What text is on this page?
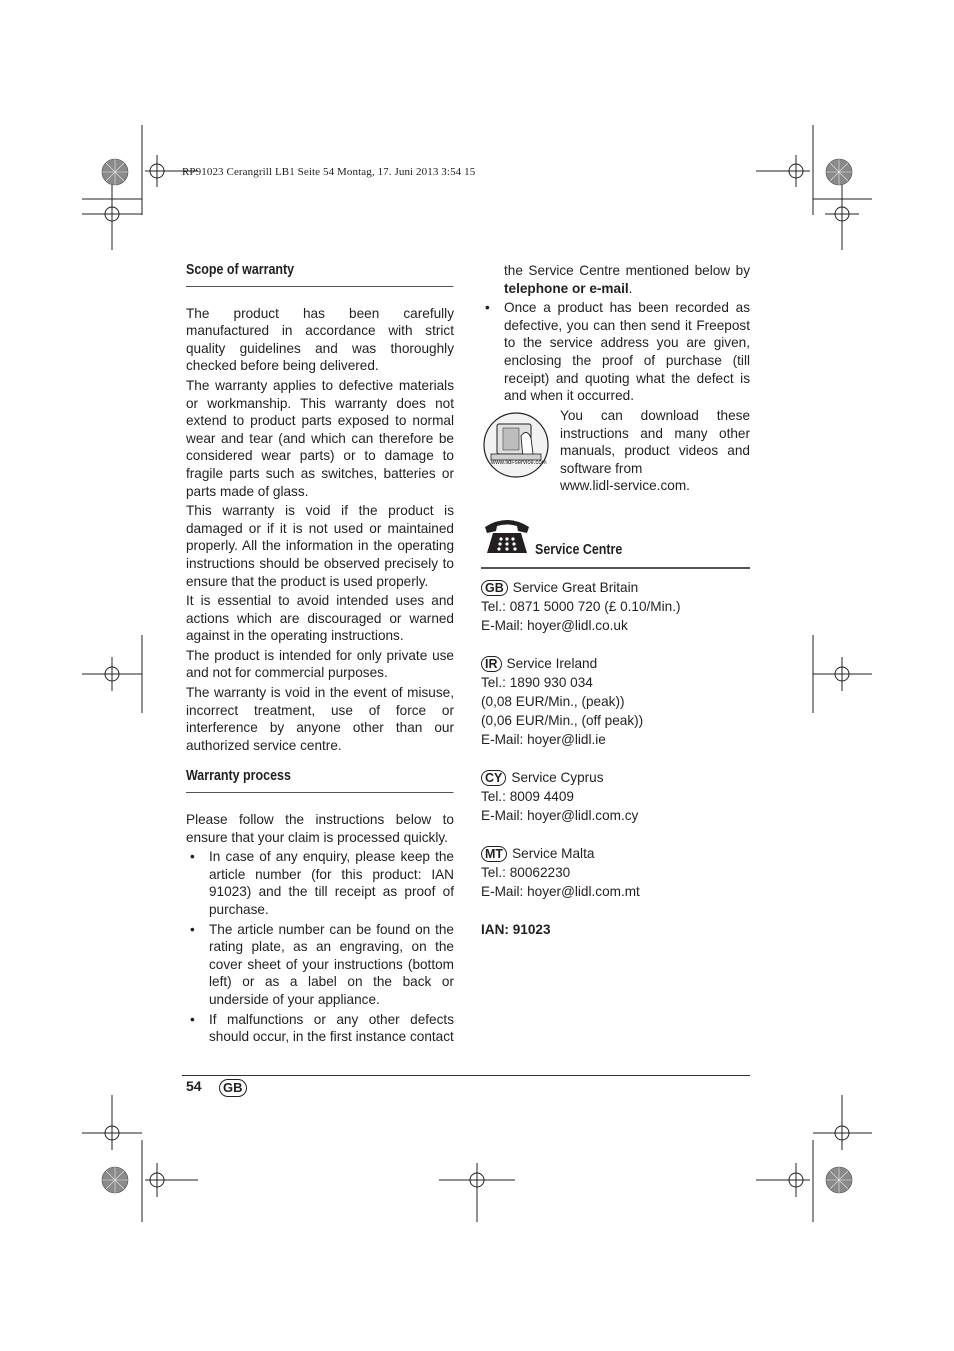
RP91023 Cerangrill LB1 Seite 54 Montag, 17. Juni 2013 3:54 15
Scope of warranty

The product has been carefully manufactured in accordance with strict quality guidelines and was thoroughly checked before being delivered.

The warranty applies to defective materials or workmanship. This warranty does not extend to product parts exposed to normal wear and tear (and which can therefore be considered wear parts) or to damage to fragile parts such as switches, batteries or parts made of glass.

This warranty is void if the product is damaged or if it is not used or maintained properly. All the information in the operating instructions should be observed precisely to ensure that the product is used properly.

It is essential to avoid intended uses and actions which are discouraged or warned against in the operating instructions.

The product is intended for only private use and not for commercial purposes.

The warranty is void in the event of misuse, incorrect treatment, use of force or interference by anyone other than our authorized service centre.

Warranty process

Please follow the instructions below to ensure that your claim is processed quickly.

• In case of any enquiry, please keep the article number (for this product: IAN 91023) and the till receipt as proof of purchase.
• The article number can be found on the rating plate, as an engraving, on the cover sheet of your instructions (bottom left) or as a label on the back or underside of your appliance.
• If malfunctions or any other defects should occur, in the first instance contact

the Service Centre mentioned below by telephone or e-mail.

• Once a product has been recorded as defective, you can then send it Freepost to the service address you are given, enclosing the proof of purchase (till receipt) and quoting what the defect is and when it occurred.
www.lidl-service.com

You can download these instructions and many other manuals, product videos and software from

www.lidl-service.com.
Service Centre
GB Service Great Britain
Tel.: 0871 5000 720 (£ 0.10/Min.)
E-Mail: hoyer@lidl.co.uk
IR Service Ireland
Tel.: 1890 930 034
(0,08 EUR/Min., (peak))
(0,06 EUR/Min., (off peak))
E-Mail: hoyer@lidl.ie
CY Service Cyprus
Tel.: 8009 4409
E-Mail: hoyer@lidl.com.cy
MT Service Malta
Tel.: 80062230
E-Mail: hoyer@lidl.com.mt
IAN: 91023
54	GB
